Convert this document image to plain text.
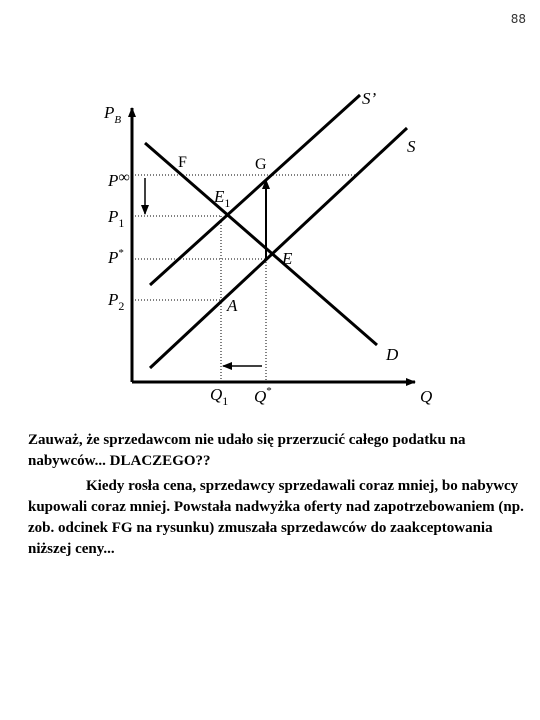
88
$P_B$
Q
P∞
$P_1$
P*
$P_2$
$Q_1$ Q*
S’
S
D
F	G
$E_1$
E
A

Zauważ, że sprzedawcom nie udało się przerzucić całego podatku na nabywców... DLACZEGO??

Kiedy rosła cena, sprzedawcy sprzedawali coraz mniej, bo nabywcy kupowali coraz mniej. Powstała nadwyżka oferty nad zapotrzebowaniem (np. zob. odcinek FG na rysunku) zmuszała sprzedawców do zaakceptowania niższej ceny...
